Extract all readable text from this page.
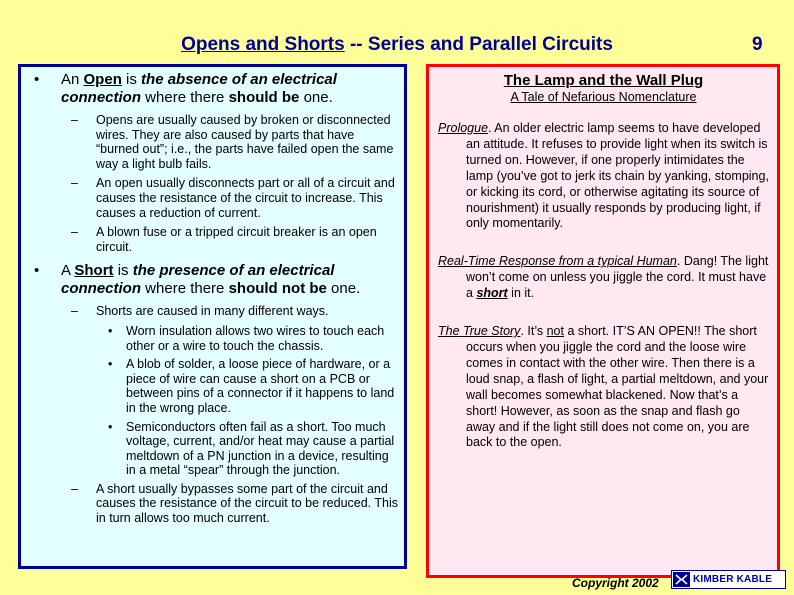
Opens and Shorts -- Series and Parallel Circuits	9
• An Open is the absence of an electrical connection where there should be one.
– Opens are usually caused by broken or disconnected wires. They are also caused by parts that have “burned out”; i.e., the parts have failed open the same way a light bulb fails.
– An open usually disconnects part or all of a circuit and causes the resistance of the circuit to increase. This causes a reduction of current.
– A blown fuse or a tripped circuit breaker is an open circuit.
• A Short is the presence of an electrical connection where there should not be one.
– Shorts are caused in many different ways.
• Worn insulation allows two wires to touch each other or a wire to touch the chassis.
• A blob of solder, a loose piece of hardware, or a piece of wire can cause a short on a PCB or between pins of a connector if it happens to land in the wrong place.
• Semiconductors often fail as a short. Too much voltage, current, and/or heat may cause a partial meltdown of a PN junction in a device, resulting in a metal “spear” through the junction.
– A short usually bypasses some part of the circuit and causes the resistance of the circuit to be reduced. This in turn allows too much current.
The Lamp and the Wall Plug
A Tale of Nefarious Nomenclature
Prologue. An older electric lamp seems to have developed an attitude. It refuses to provide light when its switch is turned on. However, if one properly intimidates the lamp (you’ve got to jerk its chain by yanking, stomping, or kicking its cord, or otherwise agitating its source of nourishment) it usually responds by producing light, if only momentarily.
Real-Time Response from a typical Human. Dang! The light won’t come on unless you jiggle the cord. It must have a short in it.
The True Story. It’s not a short. IT’S AN OPEN!! The short occurs when you jiggle the cord and the loose wire comes in contact with the other wire. Then there is a loud snap, a flash of light, a partial meltdown, and your wall becomes somewhat blackened. Now that’s a short! However, as soon as the snap and flash go away and if the light still does not come on, you are back to the open.
Copyright 2002	KIMBER KABLE
